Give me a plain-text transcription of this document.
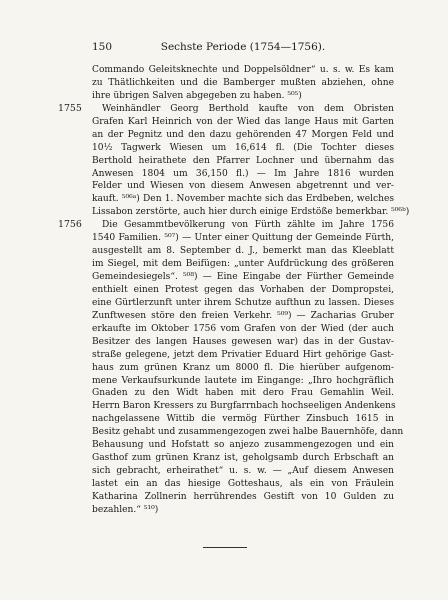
150	Sechste Periode (1754—1756).
Commando Geleitsknechte und Doppelsöldner“ u. s. w. Es kam
zu Thätlichkeiten und die Bamberger mußten abziehen, ohne
ihre übrigen Salven abgegeben zu haben. ⁵⁰⁵)
1755 Weinhändler Georg Berthold kaufte von dem Obristen
Grafen Karl Heinrich von der Wied das lange Haus mit Garten
an der Pegnitz und den dazu gehörenden 47 Morgen Feld und
10½ Tagwerk Wiesen um 16,614 fl. (Die Tochter dieses
Berthold heirathete den Pfarrer Lochner und übernahm das
Anwesen 1804 um 36,150 fl.) — Im Jahre 1816 wurden
Felder und Wiesen von diesem Anwesen abgetrennt und ver-
kauft. ⁵⁰⁶ᵃ) Den 1. November machte sich das Erdbeben, welches
Lissabon zerstörte, auch hier durch einige Erdstöße bemerkbar. ⁵⁰⁶ᵇ)
1756 Die Gesammtbevölkerung von Fürth zählte im Jahre 1756
1540 Familien. ⁵⁰⁷) — Unter einer Quittung der Gemeinde Fürth,
ausgestellt am 8. September d. J., bemerkt man das Kleeblatt
im Siegel, mit dem Beifügen: „unter Aufdrückung des größeren
Gemeindesiegels“. ⁵⁰⁸) — Eine Eingabe der Fürther Gemeinde
enthielt einen Protest gegen das Vorhaben der Dompropstei,
eine Gürtlerzunft unter ihrem Schutze aufthun zu lassen. Dieses
Zunftwesen störe den freien Verkehr. ⁵⁰⁹) — Zacharias Gruber
erkaufte im Oktober 1756 vom Grafen von der Wied (der auch
Besitzer des langen Hauses gewesen war) das in der Gustav-
straße gelegene, jetzt dem Privatier Eduard Hirt gehörige Gast-
haus zum grünen Kranz um 8000 fl. Die hierüber aufgenom-
mene Verkaufsurkunde lautete im Eingange: „Ihro hochgräflich
Gnaden zu den Widt haben mit dero Frau Gemahlin Weil.
Herrn Baron Kressers zu Burgfarrnbach hochseeligen Andenkens
nachgelassene Wittib die vermög Fürther Zinsbuch 1615 in
Besitz gehabt und zusammengezogen zwei halbe Bauernhöfe, dann
Behausung und Hofstatt so anjezo zusammengezogen und ein
Gasthof zum grünen Kranz ist, geholgsamb durch Erbschaft an
sich gebracht, erheirathet“ u. s. w. — „Auf diesem Anwesen
lastet ein an das hiesige Gotteshaus, als ein von Fräulein
Katharina Zollnerin herrührendes Gestift von 10 Gulden zu
bezahlen.“ ⁵¹⁰)
